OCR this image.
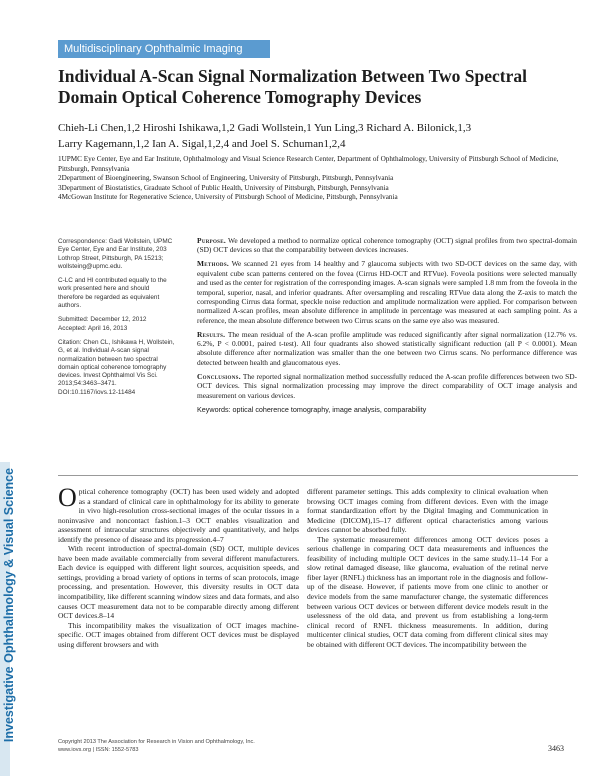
Investigative Ophthalmology & Visual Science
Multidisciplinary Ophthalmic Imaging
Individual A-Scan Signal Normalization Between Two Spectral Domain Optical Coherence Tomography Devices
Chieh-Li Chen,1,2 Hiroshi Ishikawa,1,2 Gadi Wollstein,1 Yun Ling,3 Richard A. Bilonick,1,3
Larry Kagemann,1,2 Ian A. Sigal,1,2,4 and Joel S. Schuman1,2,4
1UPMC Eye Center, Eye and Ear Institute, Ophthalmology and Visual Science Research Center, Department of Ophthalmology, University of Pittsburgh School of Medicine, Pittsburgh, Pennsylvania
2Department of Bioengineering, Swanson School of Engineering, University of Pittsburgh, Pittsburgh, Pennsylvania
3Department of Biostatistics, Graduate School of Public Health, University of Pittsburgh, Pittsburgh, Pennsylvania
4McGowan Institute for Regenerative Science, University of Pittsburgh School of Medicine, Pittsburgh, Pennsylvania

Correspondence: Gadi Wollstein, UPMC Eye Center, Eye and Ear Institute, 203 Lothrop Street, Pittsburgh, PA 15213; wollsteing@upmc.edu.

C-LC and HI contributed equally to the work presented here and should therefore be regarded as equivalent authors.

Submitted: December 12, 2012

Accepted: April 16, 2013

Citation: Chen CL, Ishikawa H, Wollstein, G, et al. Individual A-scan signal normalization between two spectral domain optical coherence tomography devices. Invest Ophthalmol Vis Sci. 2013;54:3463–3471. DOI:10.1167/iovs.12-11484

Purpose. We developed a method to normalize optical coherence tomography (OCT) signal profiles from two spectral-domain (SD) OCT devices so that the comparability between devices increases.

Methods. We scanned 21 eyes from 14 healthy and 7 glaucoma subjects with two SD-OCT devices on the same day, with equivalent cube scan patterns centered on the fovea (Cirrus HD-OCT and RTVue). Foveola positions were selected manually and used as the center for registration of the corresponding images. A-scan signals were sampled 1.8 mm from the foveola in the temporal, superior, nasal, and inferior quadrants. After oversampling and rescaling RTVue data along the Z-axis to match the corresponding Cirrus data format, speckle noise reduction and amplitude normalization were applied. For comparison between normalized A-scan profiles, mean absolute difference in amplitude in percentage was measured at each sampling point. As a reference, the mean absolute difference between two Cirrus scans on the same eye also was measured.

Results. The mean residual of the A-scan profile amplitude was reduced significantly after signal normalization (12.7% vs. 6.2%, P < 0.0001, paired t-test). All four quadrants also showed statistically significant reduction (all P < 0.0001). Mean absolute difference after normalization was smaller than the one between two Cirrus scans. No performance difference was detected between health and glaucomatous eyes.

Conclusions. The reported signal normalization method successfully reduced the A-scan profile differences between two SD-OCT devices. This signal normalization processing may improve the direct comparability of OCT image analysis and measurement on various devices.

Keywords: optical coherence tomography, image analysis, comparability

Optical coherence tomography (OCT) has been used widely and adopted as a standard of clinical care in ophthalmology for its ability to generate in vivo high-resolution cross-sectional images of the ocular tissues in a noninvasive and noncontact fashion.1–3 OCT enables visualization and assessment of intraocular structures objectively and quantitatively, and helps identify the presence of disease and its progression.4–7

With recent introduction of spectral-domain (SD) OCT, multiple devices have been made available commercially from several different manufacturers. Each device is equipped with different light sources, acquisition speeds, and settings, providing a broad variety of options in terms of scan protocols, image processing, and presentation. However, this diversity results in OCT data incompatibility, like different scanning window sizes and data formats, and also causes OCT measurement data not to be comparable directly among different OCT devices.8–14

This incompatibility makes the visualization of OCT images machine-specific. OCT images obtained from different OCT devices must be displayed using different browsers and with

different parameter settings. This adds complexity to clinical evaluation when browsing OCT images coming from different devices. Even with the image format standardization effort by the Digital Imaging and Communication in Medicine (DICOM),15–17 different optical characteristics among various devices cannot be absorbed fully.

The systematic measurement differences among OCT devices poses a serious challenge in comparing OCT data measurements and influences the feasibility of including multiple OCT devices in the same study.11–14 For a slow retinal damaged disease, like glaucoma, evaluation of the retinal nerve fiber layer (RNFL) thickness has an important role in the diagnosis and follow-up of the disease. However, if patients move from one clinic to another or device models from the same manufacturer change, the systematic differences between various OCT devices or between different device models result in the uselessness of the old data, and prevent us from establishing a long-term clinical record of RNFL thickness measurements. In addition, during multicenter clinical studies, OCT data coming from different clinical sites may be obtained with different OCT devices. The incompatibility between the

Copyright 2013 The Association for Research in Vision and Ophthalmology, Inc.
www.iovs.org | ISSN: 1552-5783	3463
